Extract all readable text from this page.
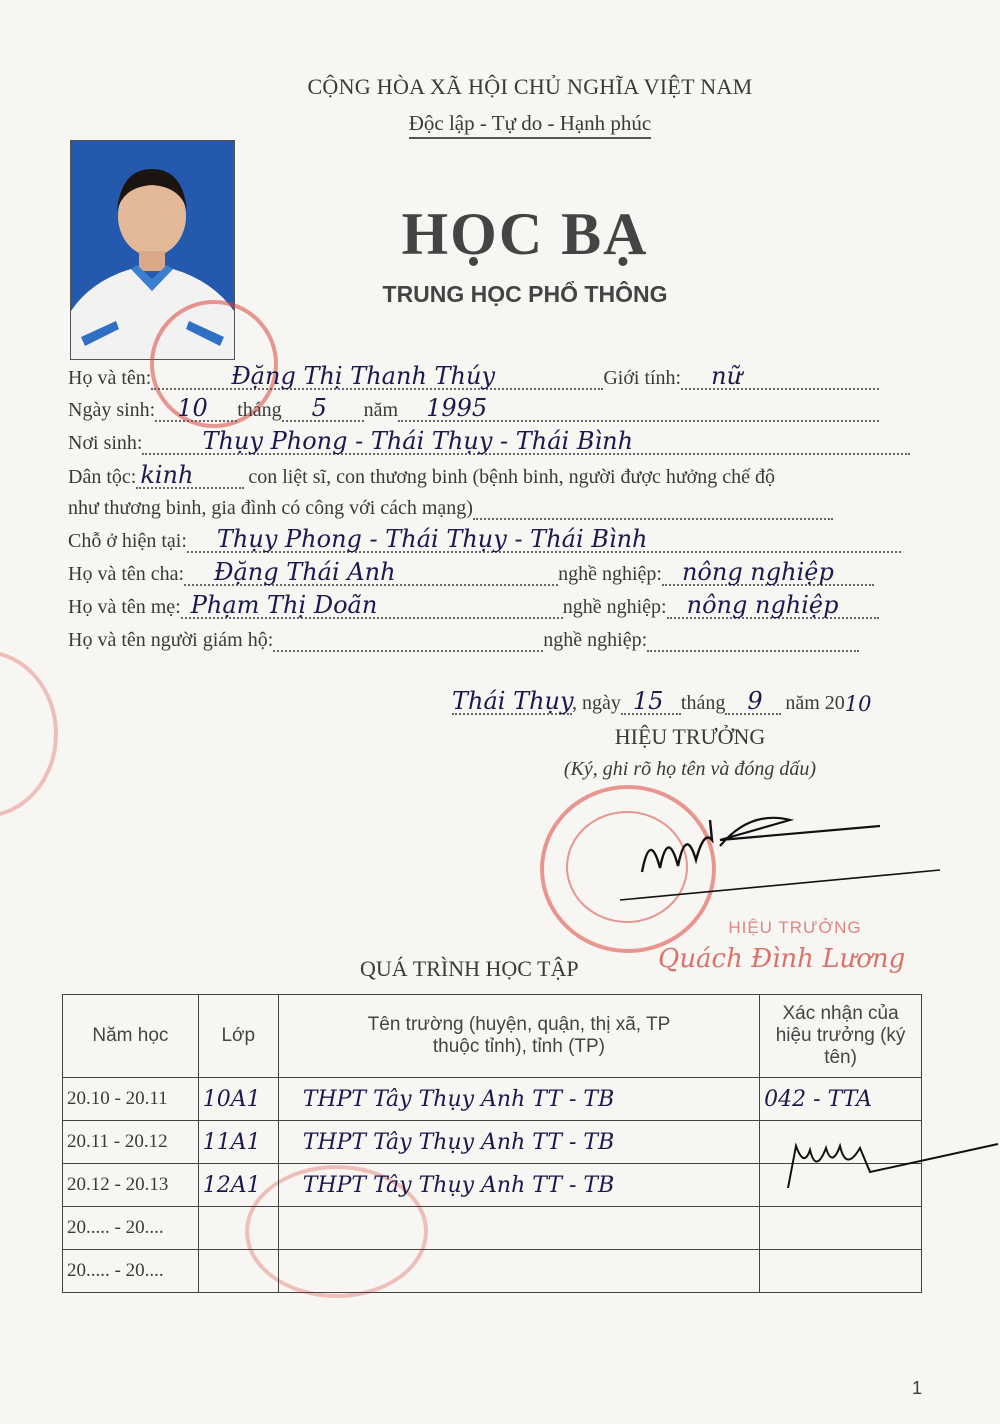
CỘNG HÒA XÃ HỘI CHỦ NGHĨA VIỆT NAM
Độc lập - Tự do - Hạnh phúc
HỌC BẠ
TRUNG HỌC PHỔ THÔNG
Họ và tên:	Đặng Thị Thanh Thúy	Giới tính: nữ
Ngày sinh: 10 tháng 5 năm 1995
Nơi sinh:	Thụy Phong - Thái Thụy - Thái Bình
Dân tộc: kinh	con liệt sĩ, con thương binh (bệnh binh, người được hưởng chế độ
như thương binh, gia đình có công với cách mạng)
Chỗ ở hiện tại: Thụy Phong - Thái Thụy - Thái Bình
Họ và tên cha: Đặng Thái Anh	nghề nghiệp: nông nghiệp
Họ và tên mẹ: Phạm Thị Doãn	nghề nghiệp: nông nghiệp
Họ và tên người giám hộ:	nghề nghiệp:
Thái Thụy
, ngày 15 tháng 9 năm 2010
HIỆU TRƯỞNG
(Ký, ghi rõ họ tên và đóng dấu)
HIỆU TRƯỞNG
Quách Đình Lương
QUÁ TRÌNH HỌC TẬP
Năm học	Lớp	Tên trường (huyện, quận, thị xã, TP thuộc tỉnh), tỉnh (TP)	Xác nhận của hiệu trưởng (ký tên)
20.10 - 20.11	10A1	THPT Tây Thụy Anh TT - TB	042 - TTA
20.11 - 20.12	11A1	THPT Tây Thụy Anh TT - TB	
20.12 - 20.13	12A1	THPT Tây Thụy Anh TT - TB	
20..... - 20....			
20..... - 20....			
1
